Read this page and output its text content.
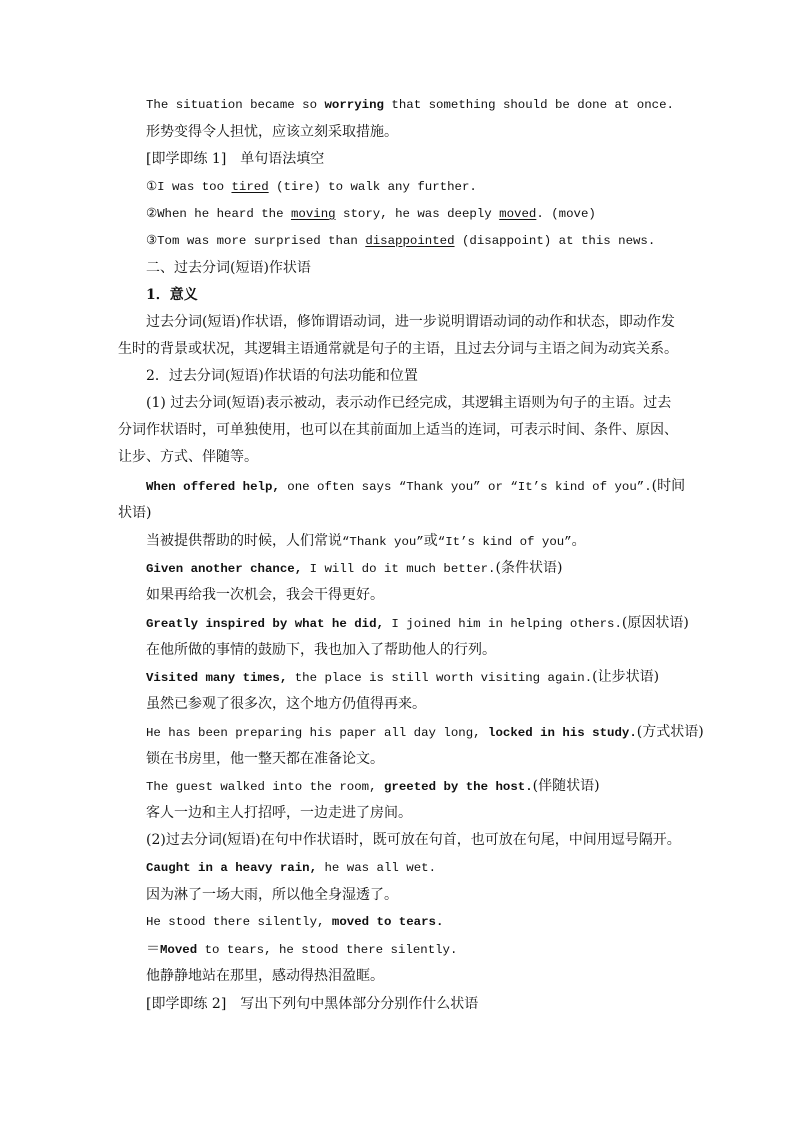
The situation became so worrying that something should be done at once.
形势变得令人担忧，应该立刻采取措施。
[即学即练 1]　单句语法填空
①I was too tired (tire) to walk any further.
②When he heard the moving story, he was deeply moved. (move)
③Tom was more surprised than disappointed (disappoint) at this news.
二、过去分词(短语)作状语
1．意义
过去分词(短语)作状语，修饰谓语动词，进一步说明谓语动词的动作和状态，即动作发
生时的背景或状况，其逻辑主语通常就是句子的主语，且过去分词与主语之间为动宾关系。
2．过去分词(短语)作状语的句法功能和位置
(1) 过去分词(短语)表示被动，表示动作已经完成，其逻辑主语则为句子的主语。过去
分词作状语时，可单独使用，也可以在其前面加上适当的连词，可表示时间、条件、原因、
让步、方式、伴随等。
When offered help, one often says “Thank you” or “It’s kind of you”.(时间
状语)
当被提供帮助的时候，人们常说“Thank you”或“It’s kind of you”。
Given another chance, I will do it much better.(条件状语)
如果再给我一次机会，我会干得更好。
Greatly inspired by what he did, I joined him in helping others.(原因状语)
在他所做的事情的鼓励下，我也加入了帮助他人的行列。
Visited many times, the place is still worth visiting again.(让步状语)
虽然已参观了很多次，这个地方仍值得再来。
He has been preparing his paper all day long, locked in his study.(方式状语)
锁在书房里，他一整天都在准备论文。
The guest walked into the room, greeted by the host.(伴随状语)
客人一边和主人打招呼，一边走进了房间。
(2)过去分词(短语)在句中作状语时，既可放在句首，也可放在句尾，中间用逗号隔开。
Caught in a heavy rain, he was all wet.
因为淋了一场大雨，所以他全身湿透了。
He stood there silently, moved to tears.
＝Moved to tears, he stood there silently.
他静静地站在那里，感动得热泪盈眶。
[即学即练 2]　写出下列句中黑体部分分别作什么状语
